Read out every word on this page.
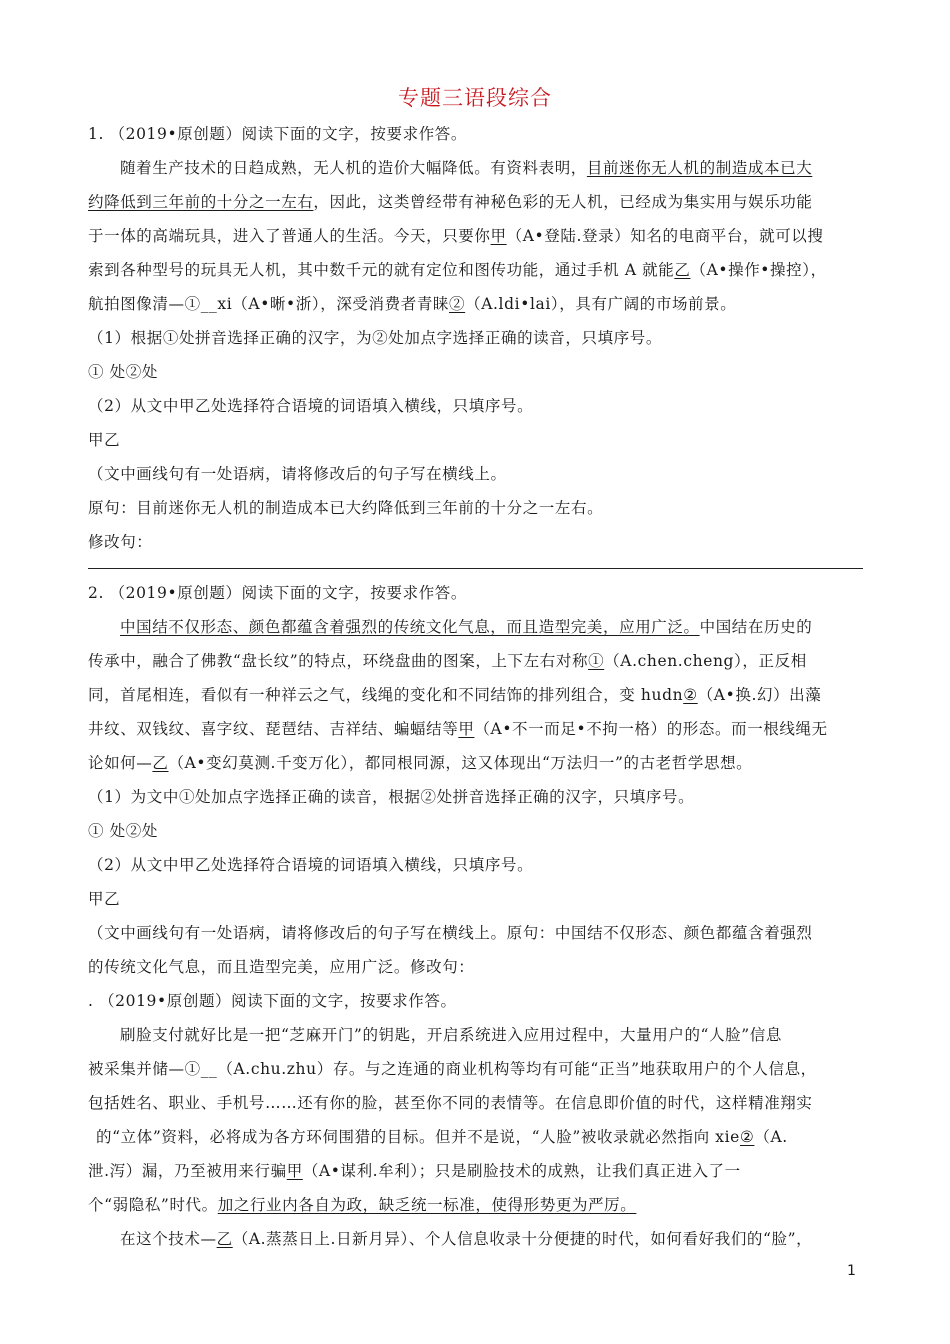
专题三语段综合
1. （2019•原创题）阅读下面的文字，按要求作答。
随着生产技术的日趋成熟，无人机的造价大幅降低。有资料表明，目前迷你无人机的制造成本已大
约降低到三年前的十分之一左右，因此，这类曾经带有神秘色彩的无人机，已经成为集实用与娱乐功能
于一体的高端玩具，进入了普通人的生活。今天，只要你甲（A•登陆.登录）知名的电商平台，就可以搜
索到各种型号的玩具无人机，其中数千元的就有定位和图传功能，通过手机 A 就能乙（A•操作•操控），
航拍图像清—①__xi（A•晰•浙），深受消费者青睐②（A.ldi•lai），具有广阔的市场前景。
（1）根据①处拼音选择正确的汉字，为②处加点字选择正确的读音，只填序号。
① 处②处
（2）从文中甲乙处选择符合语境的词语填入横线，只填序号。
甲乙
（文中画线句有一处语病，请将修改后的句子写在横线上。
原句：目前迷你无人机的制造成本已大约降低到三年前的十分之一左右。
修改句：
2. （2019•原创题）阅读下面的文字，按要求作答。
中国结不仅形态、颜色都蕴含着强烈的传统文化气息，而且造型完美，应用广泛。中国结在历史的
传承中，融合了佛教“盘长纹”的特点，环绕盘曲的图案，上下左右对称①（A.chen.cheng），正反相
同，首尾相连，看似有一种祥云之气，线绳的变化和不同结饰的排列组合，变 hudn②（A•换.幻）出藻
井纹、双钱纹、喜字纹、琵琶结、吉祥结、蝙蝠结等甲（A•不一而足•不拘一格）的形态。而一根线绳无
论如何—乙（A•变幻莫测.千变万化），都同根同源，这又体现出“万法归一”的古老哲学思想。
（1）为文中①处加点字选择正确的读音，根据②处拼音选择正确的汉字，只填序号。
① 处②处
（2）从文中甲乙处选择符合语境的词语填入横线，只填序号。
甲乙
（文中画线句有一处语病，请将修改后的句子写在横线上。原句：中国结不仅形态、颜色都蕴含着强烈
的传统文化气息，而且造型完美，应用广泛。修改句：
. （2019•原创题）阅读下面的文字，按要求作答。
刷脸支付就好比是一把“芝麻开门”的钥匙，开启系统进入应用过程中，大量用户的“人脸”信息
被采集并储—①__（A.chu.zhu）存。与之连通的商业机构等均有可能“正当”地获取用户的个人信息，
包括姓名、职业、手机号……还有你的脸，甚至你不同的表情等。在信息即价值的时代，这样精准翔实
的“立体”资料，必将成为各方环伺围猎的目标。但并不是说，“人脸”被收录就必然指向 xie②（A.
泄.泻）漏，乃至被用来行骗甲（A•谋利.牟利）；只是刷脸技术的成熟，让我们真正进入了一
个“弱隐私”时代。加之行业内各自为政，缺乏统一标准，使得形势更为严厉。
在这个技术—乙（A.蒸蒸日上.日新月异）、个人信息收录十分便捷的时代，如何看好我们的“脸”，
1
